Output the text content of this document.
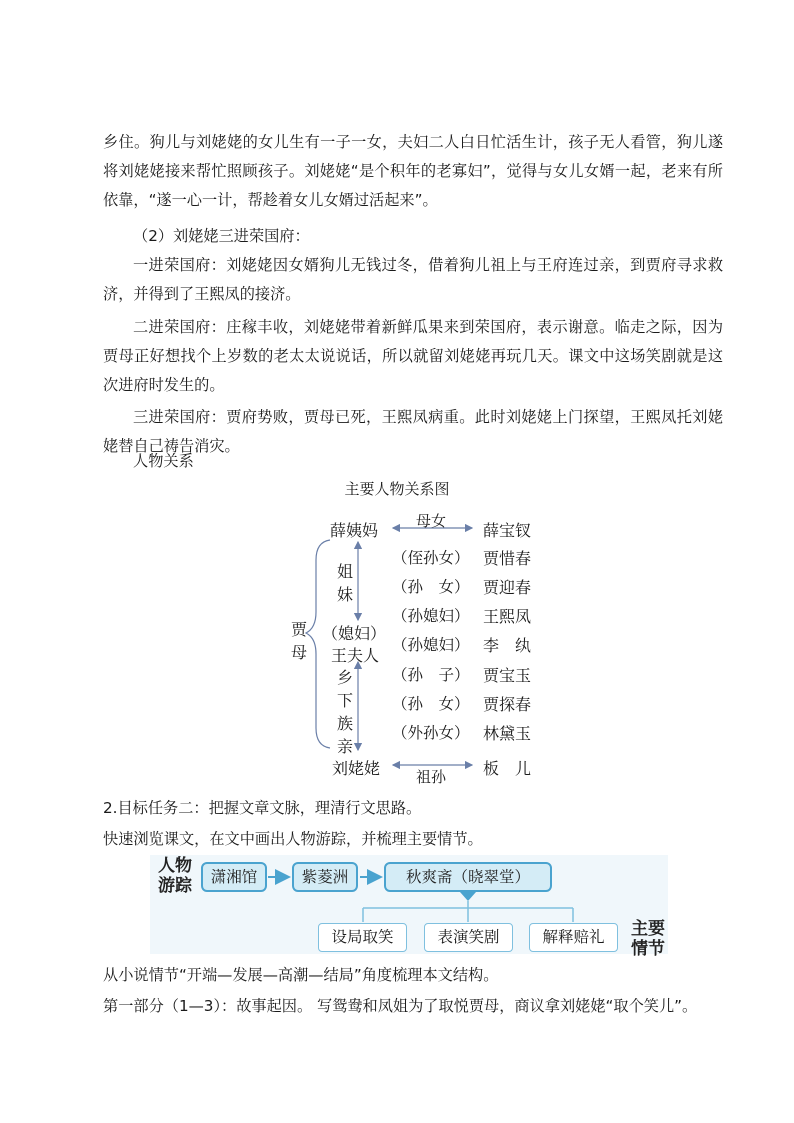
乡住。狗儿与刘姥姥的女儿生有一子一女，夫妇二人白日忙活生计，孩子无人看管，狗儿遂将刘姥姥接来帮忙照顾孩子。刘姥姥“是个积年的老寡妇”，觉得与女儿女婿一起，老来有所依靠，“遂一心一计，帮趁着女儿女婿过活起来”。

（2）刘姥姥三进荣国府：

一进荣国府：刘姥姥因女婿狗儿无钱过冬，借着狗儿祖上与王府连过亲，到贾府寻求救济，并得到了王熙凤的接济。

二进荣国府：庄稼丰收，刘姥姥带着新鲜瓜果来到荣国府，表示谢意。临走之际，因为贾母正好想找个上岁数的老太太说说话，所以就留刘姥姥再玩几天。课文中这场笑剧就是这次进府时发生的。

三进荣国府：贾府势败，贾母已死，王熙凤病重。此时刘姥姥上门探望，王熙凤托刘姥姥替自己祷告消灾。

人物关系

主要人物关系图
薛姨妈	母女 薛宝钗
贾母
姐妹
（媳妇）
王夫人
乡下族亲
刘姥姥 祖孙 板　儿
（侄孙女） 贾惜春
（孙　女） 贾迎春
（孙媳妇） 王熙凤
（孙媳妇） 李　纨
（孙　子） 贾宝玉
（孙　女） 贾探春
（外孙女） 林黛玉
2.目标任务二：把握文章文脉，理清行文思路。
快速浏览课文，在文中画出人物游踪，并梳理主要情节。
人物游踪
主要情节
潇湘馆	紫菱洲	秋爽斋（晓翠堂）
设局取笑	表演笑剧	解释赔礼
从小说情节“开端—发展—高潮—结局”角度梳理本文结构。
第一部分（1—3）：故事起因。 写鸳鸯和凤姐为了取悦贾母，商议拿刘姥姥“取个笑儿”。
